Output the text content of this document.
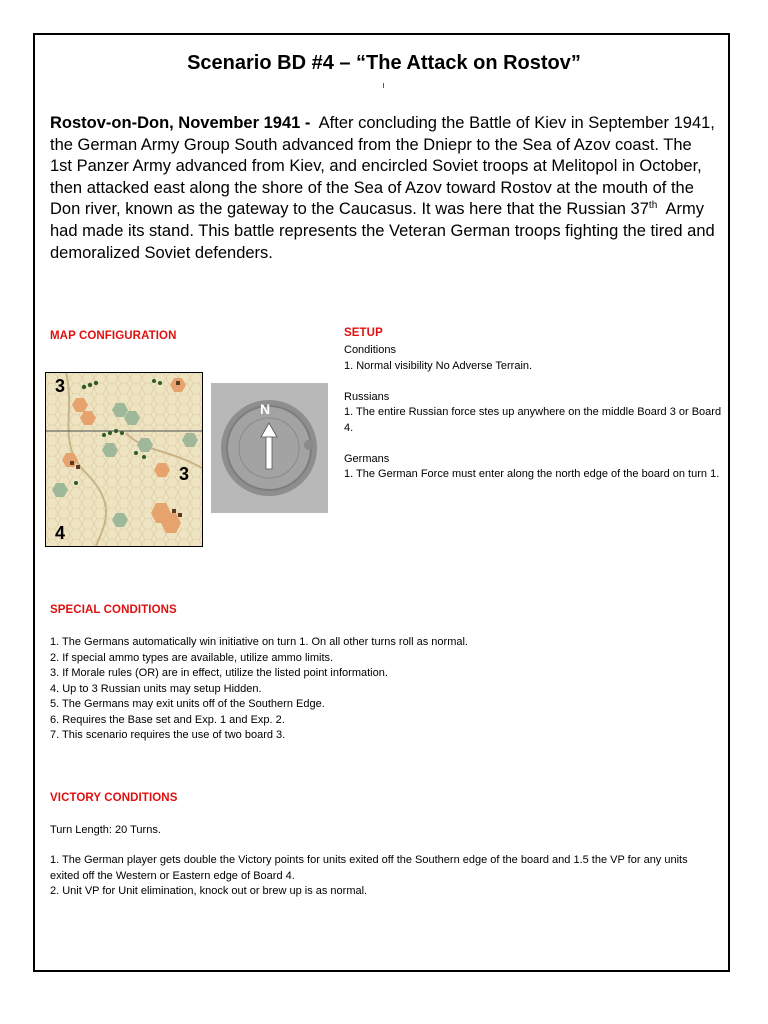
Scenario BD #4 – “The Attack on Rostov”
Rostov-on-Don, November 1941 - After concluding the Battle of Kiev in September 1941, the German Army Group South advanced from the Dniepr to the Sea of Azov coast. The 1st Panzer Army advanced from Kiev, and encircled Soviet troops at Melitopol in October, then attacked east along the shore of the Sea of Azov toward Rostov at the mouth of the Don river, known as the gateway to the Caucasus. It was here that the Russian 37th Army had made its stand. This battle represents the Veteran German troops fighting the tired and demoralized Soviet defenders.
MAP CONFIGURATION
3
3
4
N
SETUP

Conditions

1. Normal visibility No Adverse Terrain.

Russians

1. The entire Russian force stes up anywhere on the middle Board 3 or Board 4.

Germans

1. The German Force must enter along the north edge of the board on turn 1.

SPECIAL CONDITIONS

1. The Germans automatically win initiative on turn 1. On all other turns roll as normal.

2. If special ammo types are available, utilize ammo limits.

3. If Morale rules (OR) are in effect, utilize the listed point information.

4. Up to 3 Russian units may setup Hidden.

5. The Germans may exit units off of the Southern Edge.

6. Requires the Base set and Exp. 1 and Exp. 2.

7. This scenario requires the use of two board 3.

VICTORY CONDITIONS
Turn Length: 20 Turns.

1. The German player gets double the Victory points for units exited off the Southern edge of the board and 1.5 the VP for any units exited off the Western or Eastern edge of Board 4.

2. Unit VP for Unit elimination, knock out or brew up is as normal.
